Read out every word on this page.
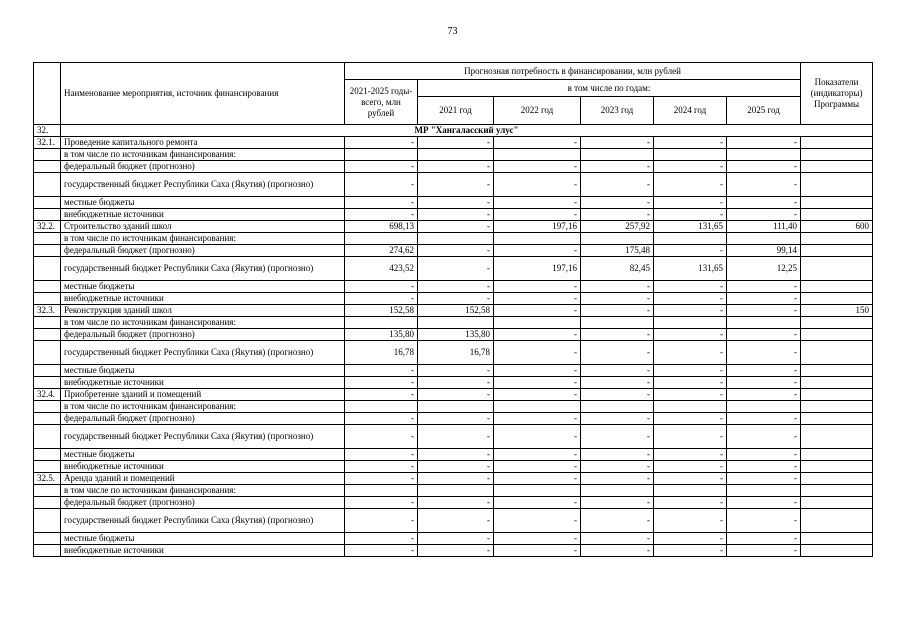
73
	Наименование мероприятия, источник финансирования	Прогнозная потребность в финансировании, млн рублей						Показатели (индикаторы) Программы
		2021-2025 годы- всего, млн рублей	в том числе по годам:					
			2021 год	2022 год	2023 год	2024 год	2025 год	
32.	МР "Хангаласский улус"							
32.1.	Проведение капитального ремонта	-	-	-	-	-	-	
	в том числе по источникам финансирования:							
	федеральный бюджет (прогнозно)	-	-	-	-	-	-	
	государственный бюджет Республики Саха (Якутия) (прогнозно)	-	-	-	-	-	-	
	местные бюджеты	-	-	-	-	-	-	
	внебюджетные источники	-	-	-	-	-	-	
32.2.	Строительство зданий школ	698,13	-	197,16	257,92	131,65	111,40	600
	в том числе по источникам финансирования:							
	федеральный бюджет (прогнозно)	274,62	-	-	175,48	-	99,14	
	государственный бюджет Республики Саха (Якутия) (прогнозно)	423,52	-	197,16	82,45	131,65	12,25	
	местные бюджеты	-	-	-	-	-	-	
	внебюджетные источники	-	-	-	-	-	-	
32.3.	Реконструкция зданий школ	152,58	152,58	-	-	-	-	150
	в том числе по источникам финансирования:							
	федеральный бюджет (прогнозно)	135,80	135,80	-	-	-	-	
	государственный бюджет Республики Саха (Якутия) (прогнозно)	16,78	16,78	-	-	-	-	
	местные бюджеты	-	-	-	-	-	-	
	внебюджетные источники	-	-	-	-	-	-	
32.4.	Приобретение зданий и помещений	-	-	-	-	-	-	
	в том числе по источникам финансирования:							
	федеральный бюджет (прогнозно)	-	-	-	-	-	-	
	государственный бюджет Республики Саха (Якутия) (прогнозно)	-	-	-	-	-	-	
	местные бюджеты	-	-	-	-	-	-	
	внебюджетные источники	-	-	-	-	-	-	
32.5.	Аренда зданий и помещений	-	-	-	-	-	-	
	в том числе по источникам финансирования:							
	федеральный бюджет (прогнозно)	-	-	-	-	-	-	
	государственный бюджет Республики Саха (Якутия) (прогнозно)	-	-	-	-	-	-	
	местные бюджеты	-	-	-	-	-	-	
	внебюджетные источники	-	-	-	-	-	-	
